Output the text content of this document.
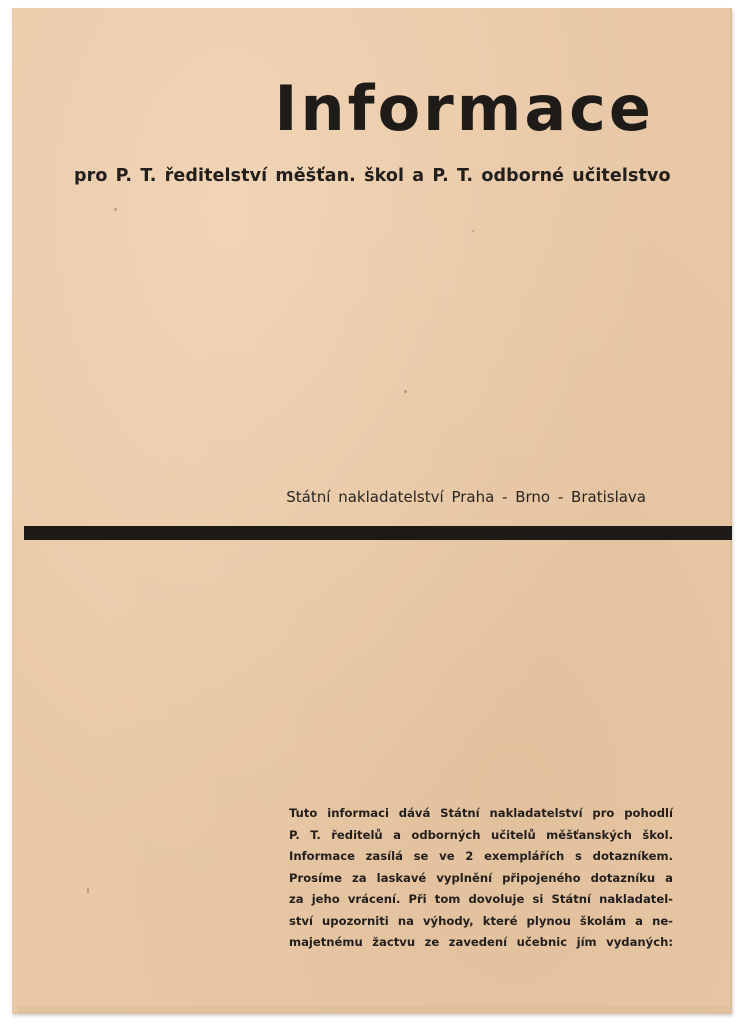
Informace

pro P. T. ředitelství měšťan. škol a P. T. odborné učitelstvo

Státní nakladatelství Praha - Brno - Bratislava

Tuto informaci dává Státní nakladatelství pro pohodlí
P. T. ředitelů a odborných učitelů měšťanských škol.
Informace zasílá se ve 2 exemplářích s dotazníkem.
Prosíme za laskavé vyplnění připojeného dotazníku a
za jeho vrácení. Při tom dovoluje si Státní nakladatel-
ství upozorniti na výhody, které plynou školám a ne-
majetnému žactvu ze zavedení učebnic jím vydaných:
